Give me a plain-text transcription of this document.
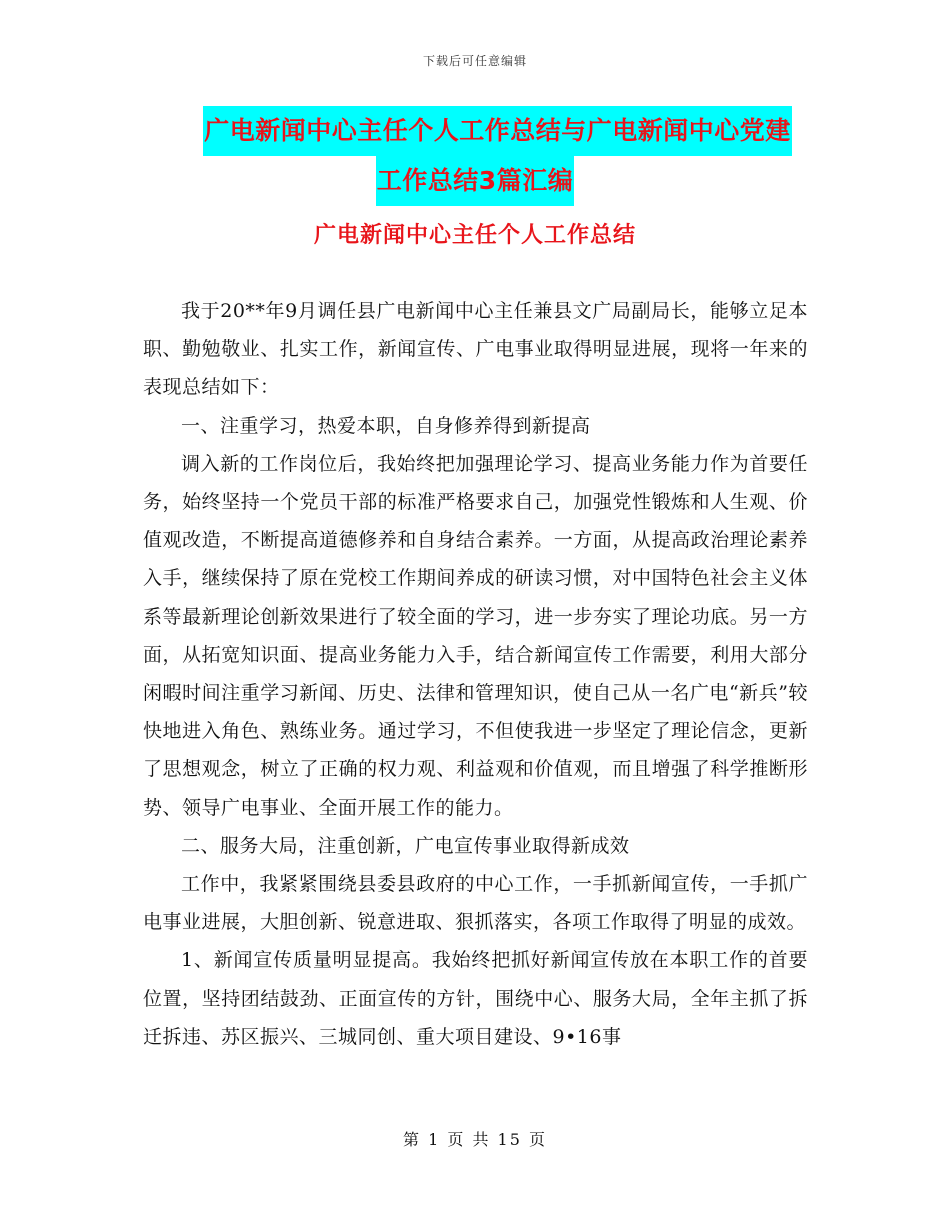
下载后可任意编辑
广电新闻中心主任个人工作总结与广电新闻中心党建
工作总结3篇汇编
广电新闻中心主任个人工作总结

我于20**年9月调任县广电新闻中心主任兼县文广局副局长，能够立足本职、勤勉敬业、扎实工作，新闻宣传、广电事业取得明显进展，现将一年来的表现总结如下：

一、注重学习，热爱本职，自身修养得到新提高

调入新的工作岗位后，我始终把加强理论学习、提高业务能力作为首要任务，始终坚持一个党员干部的标准严格要求自己，加强党性锻炼和人生观、价值观改造，不断提高道德修养和自身结合素养。一方面，从提高政治理论素养入手，继续保持了原在党校工作期间养成的研读习惯，对中国特色社会主义体系等最新理论创新效果进行了较全面的学习，进一步夯实了理论功底。另一方面，从拓宽知识面、提高业务能力入手，结合新闻宣传工作需要，利用大部分闲暇时间注重学习新闻、历史、法律和管理知识，使自己从一名广电“新兵”较快地进入角色、熟练业务。通过学习，不但使我进一步坚定了理论信念，更新了思想观念，树立了正确的权力观、利益观和价值观，而且增强了科学推断形势、领导广电事业、全面开展工作的能力。

二、服务大局，注重创新，广电宣传事业取得新成效

工作中，我紧紧围绕县委县政府的中心工作，一手抓新闻宣传，一手抓广电事业进展，大胆创新、锐意进取、狠抓落实，各项工作取得了明显的成效。

1、新闻宣传质量明显提高。我始终把抓好新闻宣传放在本职工作的首要位置，坚持团结鼓劲、正面宣传的方针，围绕中心、服务大局，全年主抓了拆迁拆违、苏区振兴、三城同创、重大项目建设、9•16事

第 1 页 共 15 页
